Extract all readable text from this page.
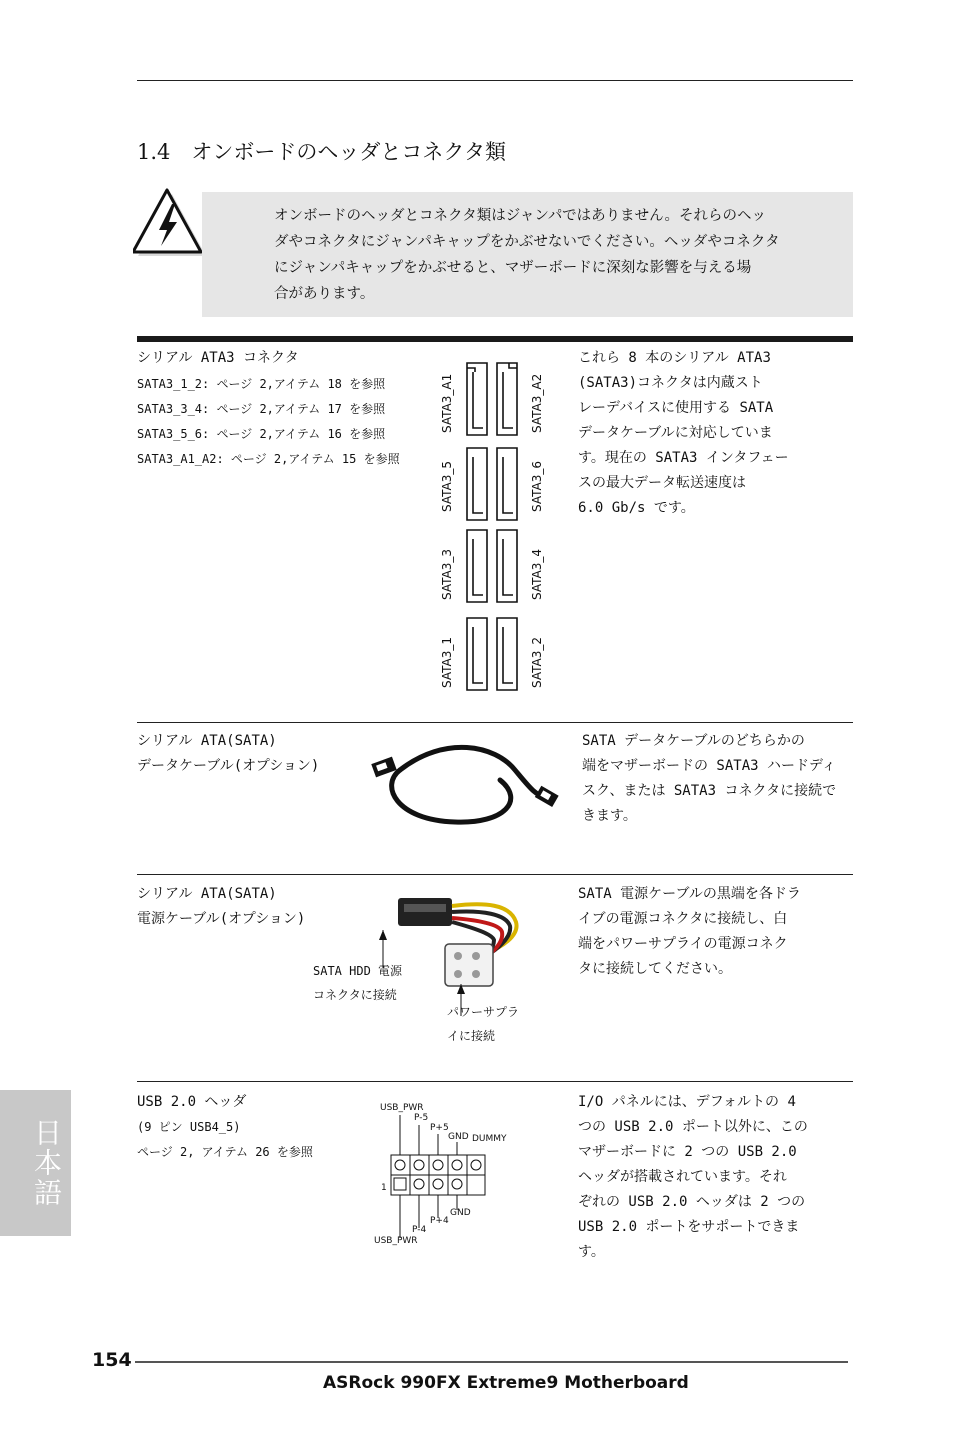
1.4　オンボードのヘッダとコネクタ類
オンボードのヘッダとコネクタ類はジャンパではありません。それらのヘッ
ダやコネクタにジャンパキャップをかぶせないでください。ヘッダやコネクタ
にジャンパキャップをかぶせると、マザーボードに深刻な影響を与える場
合があります。
シリアル ATA3 コネクタ
SATA3_1_2: ページ 2,アイテム 18 を参照
SATA3_3_4: ページ 2,アイテム 17 を参照
SATA3_5_6: ページ 2,アイテム 16 を参照
SATA3_A1_A2: ページ 2,アイテム 15 を参照
SATA3_A1	SATA3_A2
SATA3_5	SATA3_6
SATA3_3	SATA3_4
SATA3_1	SATA3_2
これら 8 本のシリアル ATA3
(SATA3)コネクタは内蔵スト
レーデバイスに使用する SATA
データケーブルに対応していま
す。現在の SATA3 インタフェー
スの最大データ転送速度は
6.0 Gb/s です。
シリアル ATA(SATA)
データケーブル(オプション)
SATA データケーブルのどちらかの
端をマザーボードの SATA3 ハードディ
スク、または SATA3 コネクタに接続で
きます。
シリアル ATA(SATA)
電源ケーブル(オプション)
SATA HDD 電源
コネクタに接続
パワーサプラ
イに接続
SATA 電源ケーブルの黒端を各ドラ
イブの電源コネクタに接続し、白
端をパワーサプライの電源コネク
タに接続してください。
USB 2.0 ヘッダ
(9 ピン USB4_5)
ページ 2, アイテム 26 を参照
USB_PWR
P-5
P+5
GND DUMMY
1
GND
P+4
P-4
USB_PWR
I/O パネルには、デフォルトの 4
つの USB 2.0 ポート以外に、この
マザーボードに 2 つの USB 2.0
ヘッダが搭載されています。それ
ぞれの USB 2.0 ヘッダは 2 つの
USB 2.0 ポートをサポートできま
す。
日本語
154
ASRock 990FX Extreme9 Motherboard
